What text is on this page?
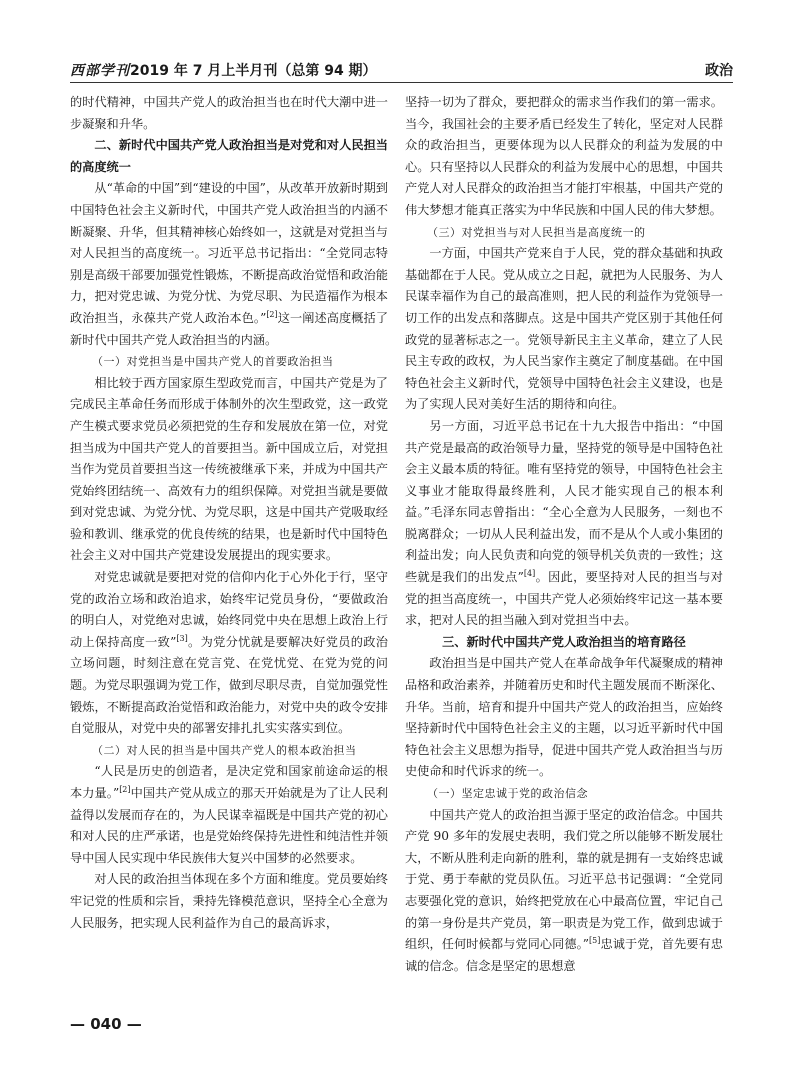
西部学刊2019 年 7 月上半月刊（总第 94 期）	政治

的时代精神，中国共产党人的政治担当也在时代大潮中进一步凝聚和升华。

二、新时代中国共产党人政治担当是对党和对人民担当的高度统一

从“革命的中国”到“建设的中国”，从改革开放新时期到中国特色社会主义新时代，中国共产党人政治担当的内涵不断凝聚、升华，但其精神核心始终如一，这就是对党担当与对人民担当的高度统一。习近平总书记指出：“全党同志特别是高级干部要加强党性锻炼，不断提高政治觉悟和政治能力，把对党忠诚、为党分忧、为党尽职、为民造福作为根本政治担当，永葆共产党人政治本色。”[2]这一阐述高度概括了新时代中国共产党人政治担当的内涵。

（一）对党担当是中国共产党人的首要政治担当

相比较于西方国家原生型政党而言，中国共产党是为了完成民主革命任务而形成于体制外的次生型政党，这一政党产生模式要求党员必须把党的生存和发展放在第一位，对党担当成为中国共产党人的首要担当。新中国成立后，对党担当作为党员首要担当这一传统被继承下来，并成为中国共产党始终团结统一、高效有力的组织保障。对党担当就是要做到对党忠诚、为党分忧、为党尽职，这是中国共产党吸取经验和教训、继承党的优良传统的结果，也是新时代中国特色社会主义对中国共产党建设发展提出的现实要求。

对党忠诚就是要把对党的信仰内化于心外化于行，坚守党的政治立场和政治追求，始终牢记党员身份，“要做政治的明白人，对党绝对忠诚，始终同党中央在思想上政治上行动上保持高度一致”[3]。为党分忧就是要解决好党员的政治立场问题，时刻注意在党言党、在党忧党、在党为党的问题。为党尽职强调为党工作，做到尽职尽责，自觉加强党性锻炼，不断提高政治觉悟和政治能力，对党中央的政令安排自觉服从，对党中央的部署安排扎扎实实落实到位。

（二）对人民的担当是中国共产党人的根本政治担当

“人民是历史的创造者，是决定党和国家前途命运的根本力量。”[2]中国共产党从成立的那天开始就是为了让人民利益得以发展而存在的，为人民谋幸福既是中国共产党的初心和对人民的庄严承诺，也是党始终保持先进性和纯洁性并领导中国人民实现中华民族伟大复兴中国梦的必然要求。

对人民的政治担当体现在多个方面和维度。党员要始终牢记党的性质和宗旨，秉持先锋模范意识，坚持全心全意为人民服务，把实现人民利益作为自己的最高诉求，

坚持一切为了群众，要把群众的需求当作我们的第一需求。当今，我国社会的主要矛盾已经发生了转化，坚定对人民群众的政治担当，更要体现为以人民群众的利益为发展的中心。只有坚持以人民群众的利益为发展中心的思想，中国共产党人对人民群众的政治担当才能打牢根基，中国共产党的伟大梦想才能真正落实为中华民族和中国人民的伟大梦想。

（三）对党担当与对人民担当是高度统一的

一方面，中国共产党来自于人民，党的群众基础和执政基础都在于人民。党从成立之日起，就把为人民服务、为人民谋幸福作为自己的最高准则，把人民的利益作为党领导一切工作的出发点和落脚点。这是中国共产党区别于其他任何政党的显著标志之一。党领导新民主主义革命，建立了人民民主专政的政权，为人民当家作主奠定了制度基础。在中国特色社会主义新时代，党领导中国特色社会主义建设，也是为了实现人民对美好生活的期待和向往。

另一方面，习近平总书记在十九大报告中指出：“中国共产党是最高的政治领导力量，坚持党的领导是中国特色社会主义最本质的特征。唯有坚持党的领导，中国特色社会主义事业才能取得最终胜利，人民才能实现自己的根本利益。”毛泽东同志曾指出：“全心全意为人民服务，一刻也不脱离群众；一切从人民利益出发，而不是从个人或小集团的利益出发；向人民负责和向党的领导机关负责的一致性；这些就是我们的出发点”[4]。因此，要坚持对人民的担当与对党的担当高度统一，中国共产党人必须始终牢记这一基本要求，把对人民的担当融入到对党担当中去。

三、新时代中国共产党人政治担当的培育路径

政治担当是中国共产党人在革命战争年代凝聚成的精神品格和政治素养，并随着历史和时代主题发展而不断深化、升华。当前，培育和提升中国共产党人的政治担当，应始终坚持新时代中国特色社会主义的主题，以习近平新时代中国特色社会主义思想为指导，促进中国共产党人政治担当与历史使命和时代诉求的统一。

（一）坚定忠诚于党的政治信念

中国共产党人的政治担当源于坚定的政治信念。中国共产党 90 多年的发展史表明，我们党之所以能够不断发展壮大，不断从胜利走向新的胜利，靠的就是拥有一支始终忠诚于党、勇于奉献的党员队伍。习近平总书记强调：“全党同志要强化党的意识，始终把党放在心中最高位置，牢记自己的第一身份是共产党员，第一职责是为党工作，做到忠诚于组织，任何时候都与党同心同德。”[5]忠诚于党，首先要有忠诚的信念。信念是坚定的思想意

— 040 —
